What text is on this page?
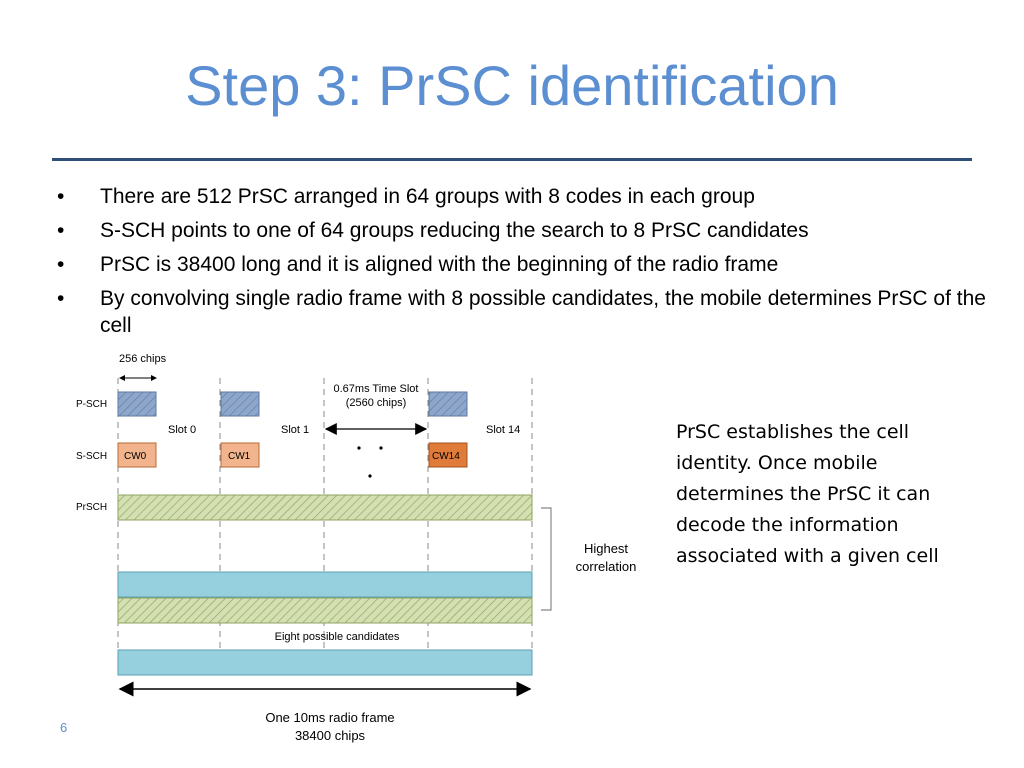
Step 3: PrSC identification
• There are 512 PrSC arranged in 64 groups with 8 codes in each group
• S-SCH points to one of 64 groups reducing the search to 8 PrSC candidates
• PrSC is 38400 long and it is aligned with the beginning of the radio frame
• By convolving single radio frame with 8 possible candidates, the mobile determines PrSC of the cell
256 chips
P-SCH
S-SCH
PrSCH
0.67ms Time Slot
(2560 chips)
Slot 0	Slot 1	Slot 14
CW0	CW1	CW14
Highest
correlation
Eight possible candidates
One 10ms radio frame
38400 chips
PrSC establishes the cell identity. Once mobile determines the PrSC it can decode the information associated with a given cell
6
